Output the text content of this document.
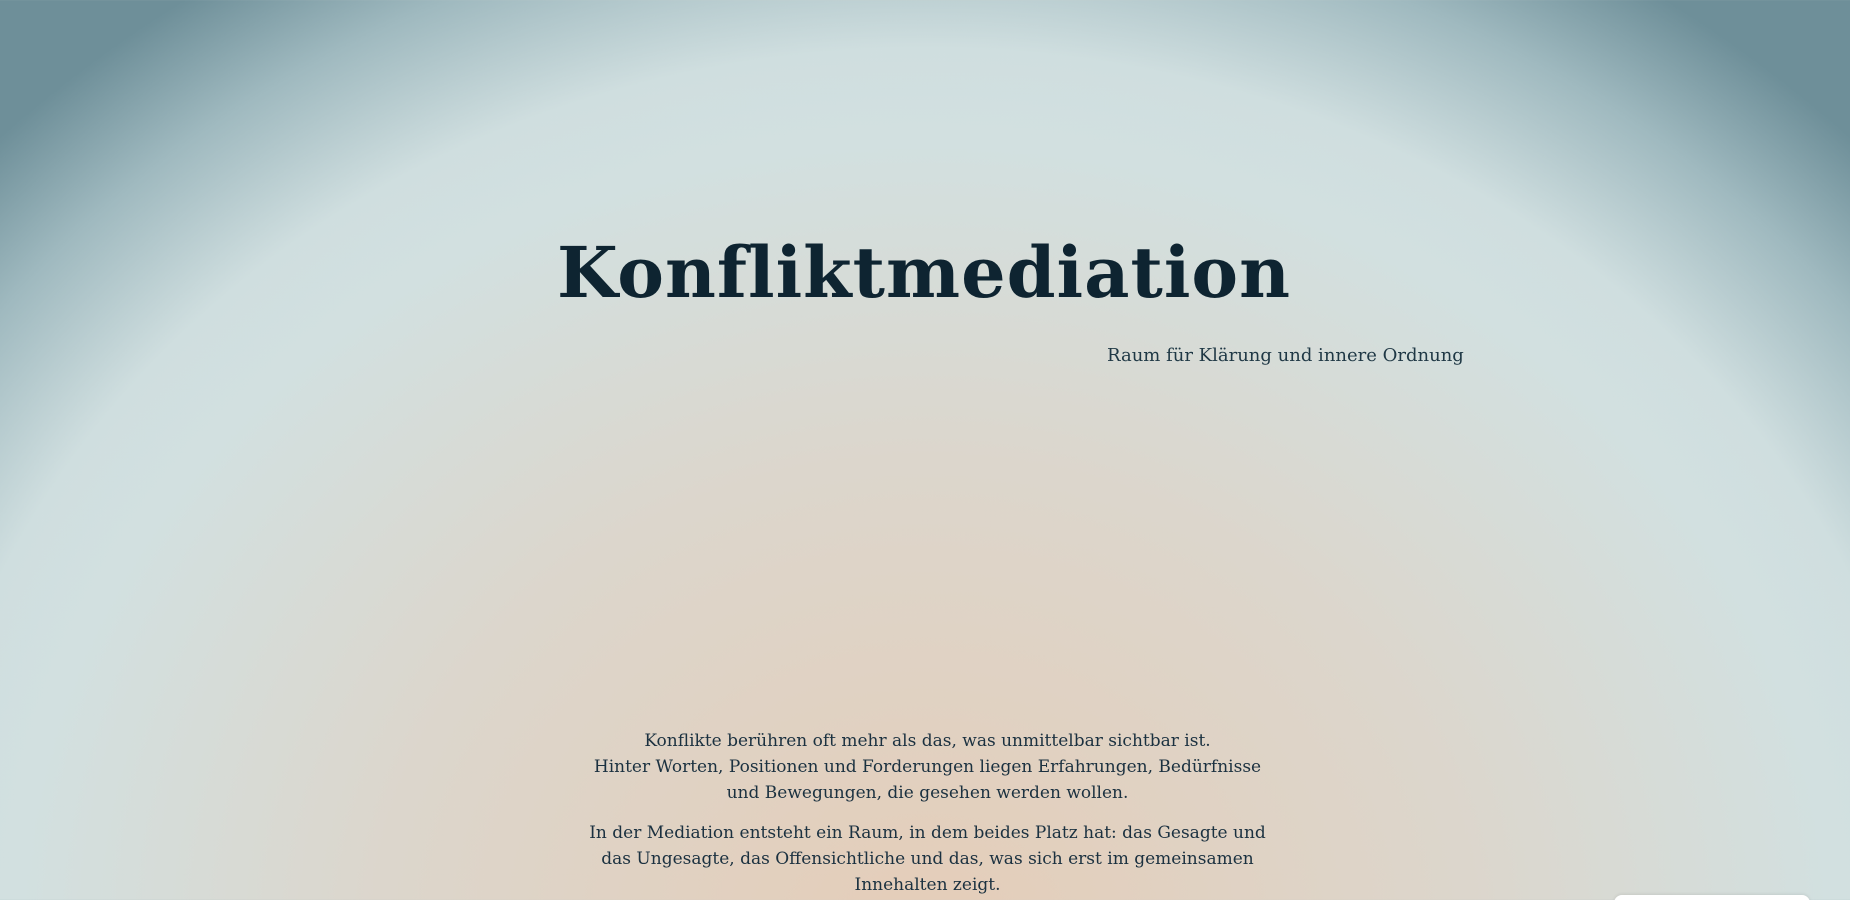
Konfliktmediation

Raum für Klärung und innere Ordnung

Konflikte berühren oft mehr als das, was unmittelbar sichtbar ist.
Hinter Worten, Positionen und Forderungen liegen Erfahrungen, Bedürfnisse und Bewegungen, die gesehen werden wollen.

In der Mediation entsteht ein Raum, in dem beides Platz hat: das Gesagte und das Ungesagte, das Offensichtliche und das, was sich erst im gemeinsamen Innehalten zeigt.
